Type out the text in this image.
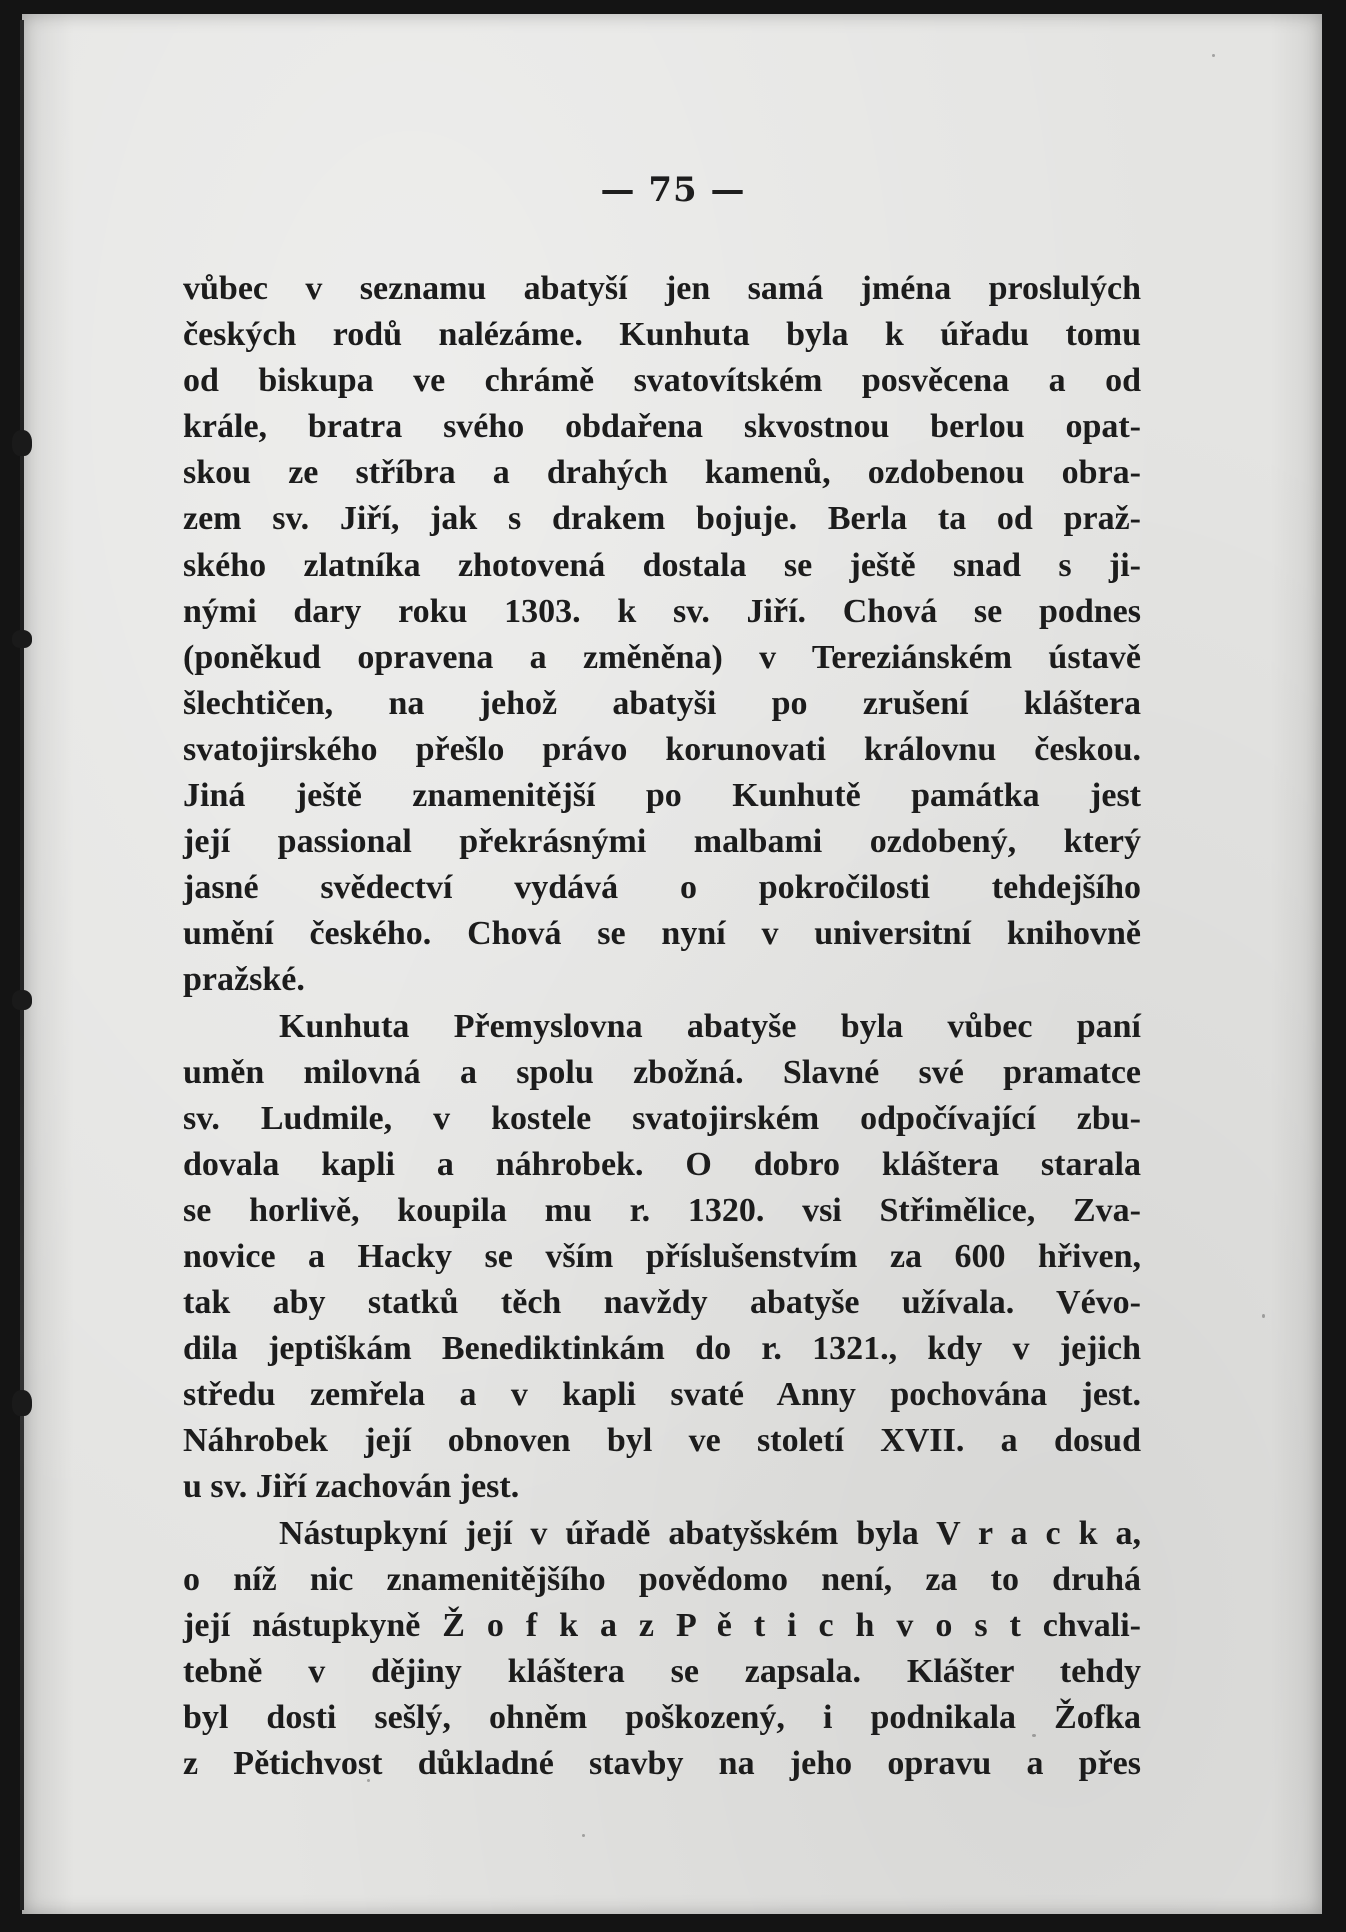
— 75 —
vůbec v seznamu abatyší jen samá jména proslulých
českých rodů nalézáme. Kunhuta byla k úřadu tomu
od biskupa ve chrámě svatovítském posvěcena a od
krále, bratra svého obdařena skvostnou berlou opat-
skou ze stříbra a drahých kamenů, ozdobenou obra-
zem sv. Jiří, jak s drakem bojuje. Berla ta od praž-
ského zlatníka zhotovená dostala se ještě snad s ji-
nými dary roku 1303. k sv. Jiří. Chová se podnes
(poněkud opravena a změněna) v Tereziánském ústavě
šlechtičen, na jehož abatyši po zrušení kláštera
svatojirského přešlo právo korunovati královnu českou.
Jiná ještě znamenitější po Kunhutě památka jest
její passional překrásnými malbami ozdobený, který
jasné svědectví vydává o pokročilosti tehdejšího
umění českého. Chová se nyní v universitní knihovně
pražské.
Kunhuta Přemyslovna abatyše byla vůbec paní
uměn milovná a spolu zbožná. Slavné své pramatce
sv. Ludmile, v kostele svatojirském odpočívající zbu-
dovala kapli a náhrobek. O dobro kláštera starala
se horlivě, koupila mu r. 1320. vsi Střimělice, Zva-
novice a Hacky se vším příslušenstvím za 600 hřiven,
tak aby statků těch navždy abatyše užívala. Vévo-
dila jeptiškám Benediktinkám do r. 1321., kdy v jejich
středu zemřela a v kapli svaté Anny pochována jest.
Náhrobek její obnoven byl ve století XVII. a dosud
u sv. Jiří zachován jest.
Nástupkyní její v úřadě abatyšském byla V r a c k a,
o níž nic znamenitějšího povědomo není, za to druhá
její nástupkyně Ž o f k a z P ě t i c h v o s t chvali-
tebně v dějiny kláštera se zapsala. Klášter tehdy
byl dosti sešlý, ohněm poškozený, i podnikala Žofka
z Pětichvost důkladné stavby na jeho opravu a přes
